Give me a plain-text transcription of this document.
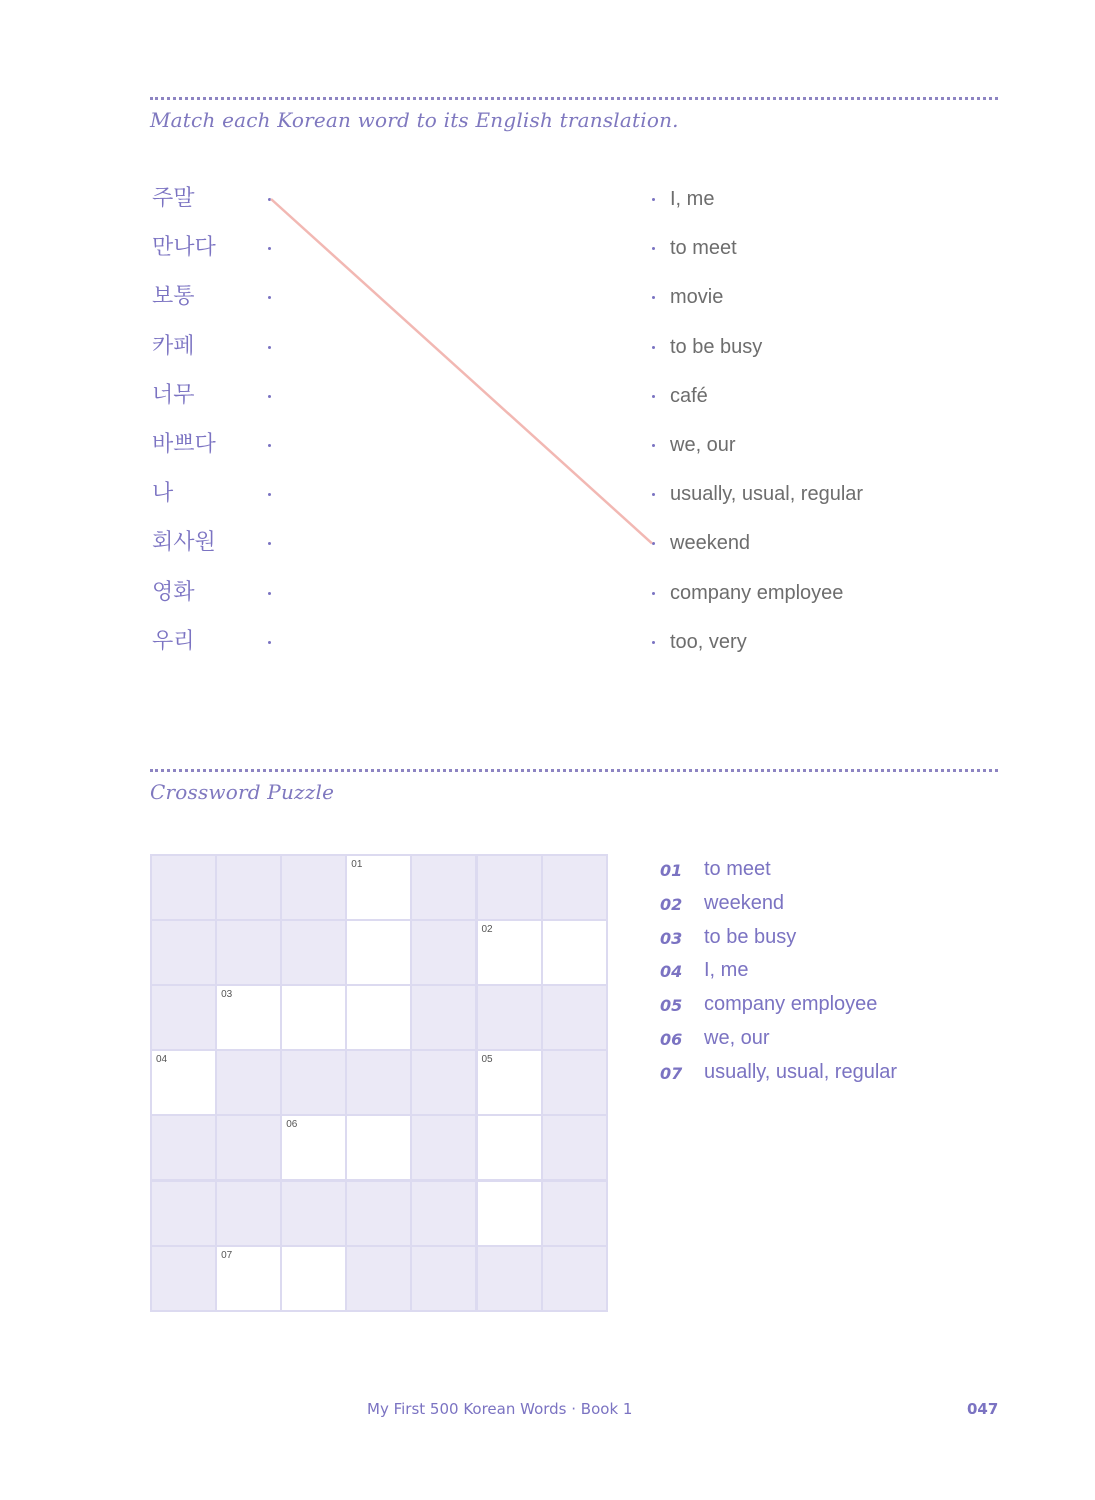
Match each Korean word to its English translation.
주말
만나다
보통
카페
너무
바쁘다
나
회사원
영화
우리
I, me
to meet
movie
to be busy
café
we, our
usually, usual, regular
weekend
company employee
too, very
Crossword Puzzle
01
02
03
04	05
06
07
01 to meet
02 weekend
03 to be busy
04 I, me
05 company employee
06 we, our
07 usually, usual, regular
My First 500 Korean Words · Book 1	047
